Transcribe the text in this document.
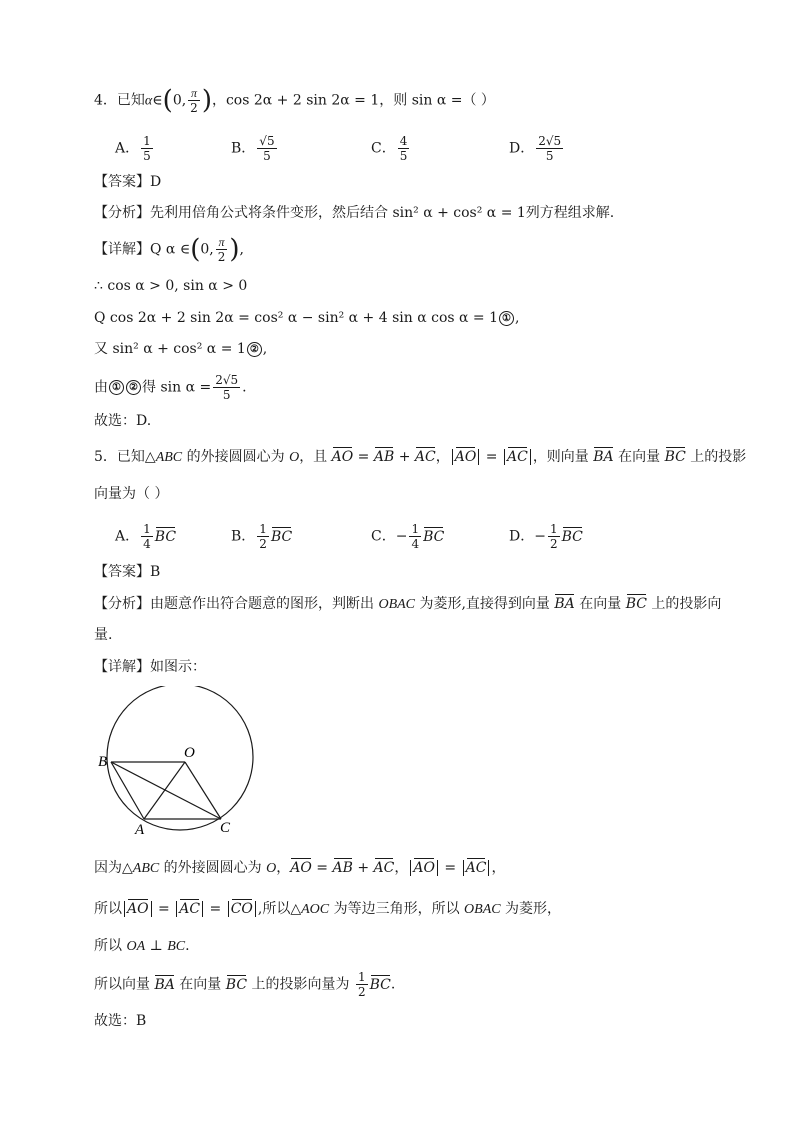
4．已知α∈(0, $\frac{\pi}{2}$ )，cos 2α + 2 sin 2α = 1，则 sin α =（ ）
A． $\frac{1}{5}$	B． $\frac{√5}{5}$	C． $\frac{4}{5}$	D． $\frac{2√5}{5}$
【答案】D
【分析】先利用倍角公式将条件变形，然后结合 sin² α + cos² α = 1列方程组求解.
【详解】Q α ∈(0, $\frac{\pi}{2}$ ),
∴ cos α > 0, sin α > 0
Q cos 2α + 2 sin 2α = cos² α − sin² α + 4 sin α cos α = 1 ① ,
又 sin² α + cos² α = 1 ② ,
由 ① ② 得 $\sin \alpha = \frac{2√5}{5}$ .
故选：D.
5．已知△ABC 的外接圆圆心为 O，且 AO = AB + AC， AO = AC ，则向量 BA 在向量 BC 上的投影
向量为（ ）
A． $\frac{1}{4}$ BC	B． $\frac{1}{2}$ BC	C．− $\frac{1}{4}$ BC	D．− $\frac{1}{2}$ BC
【答案】B
【分析】由题意作出符合题意的图形，判断出 OBAC 为菱形,直接得到向量 BA 在向量 BC 上的投影向
量.
【详解】如图示：
B
O
A	C
因为△ABC 的外接圆圆心为 O，AO = AB + AC， AO = AC ，
所以 AO = AC = CO ,所以△AOC 为等边三角形，所以 OBAC 为菱形，
所以 OA ⊥ BC.
所以向量 BA 在向量 BC 上的投影向量为 $\frac{1}{2}$ BC.
故选：B
